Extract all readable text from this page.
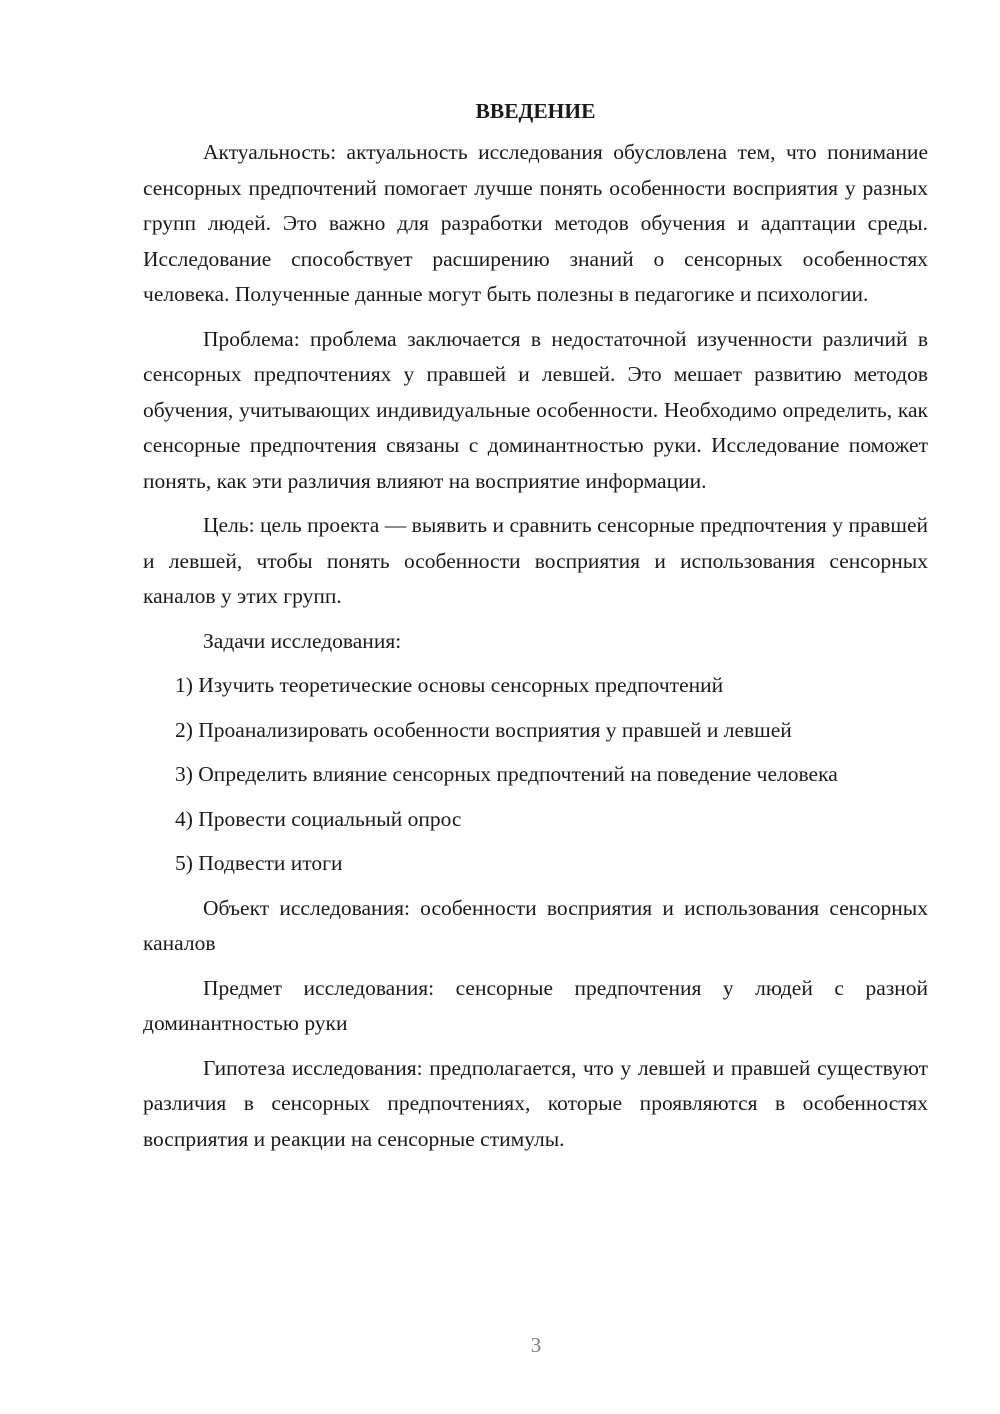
ВВЕДЕНИЕ

Актуальность: актуальность исследования обусловлена тем, что понимание сенсорных предпочтений помогает лучше понять особенности восприятия у разных групп людей. Это важно для разработки методов обучения и адаптации среды. Исследование способствует расширению знаний о сенсорных особенностях человека. Полученные данные могут быть полезны в педагогике и психологии.

Проблема: проблема заключается в недостаточной изученности различий в сенсорных предпочтениях у правшей и левшей. Это мешает развитию методов обучения, учитывающих индивидуальные особенности. Необходимо определить, как сенсорные предпочтения связаны с доминантностью руки. Исследование поможет понять, как эти различия влияют на восприятие информации.

Цель: цель проекта — выявить и сравнить сенсорные предпочтения у правшей и левшей, чтобы понять особенности восприятия и использования сенсорных каналов у этих групп.

Задачи исследования:

1) Изучить теоретические основы сенсорных предпочтений

2) Проанализировать особенности восприятия у правшей и левшей

3) Определить влияние сенсорных предпочтений на поведение человека

4) Провести социальный опрос

5) Подвести итоги

Объект исследования: особенности восприятия и использования сенсорных каналов

Предмет исследования: сенсорные предпочтения у людей с разной доминантностью руки

Гипотеза исследования: предполагается, что у левшей и правшей существуют различия в сенсорных предпочтениях, которые проявляются в особенностях восприятия и реакции на сенсорные стимулы.

3
